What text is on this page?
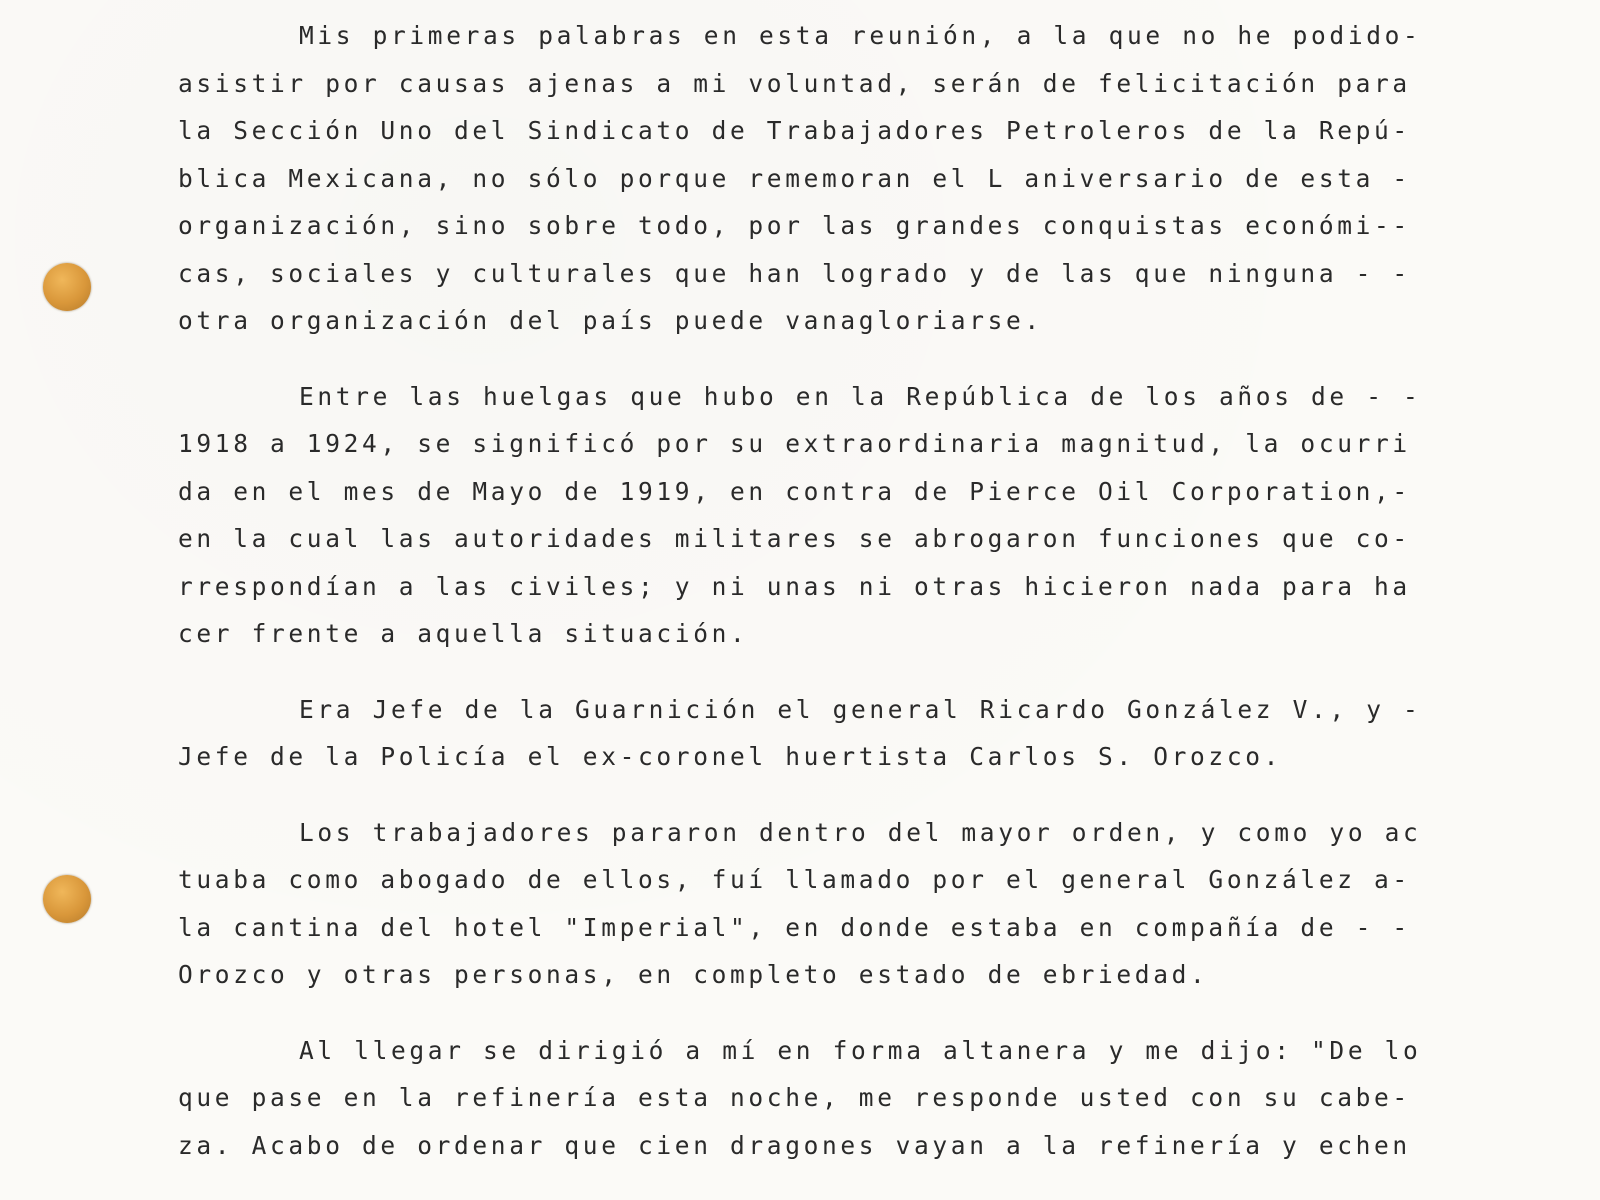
Mis primeras palabras en esta reunión, a la que no he podido-
asistir por causas ajenas a mi voluntad, serán de felicitación para
la Sección Uno del Sindicato de Trabajadores Petroleros de la Repú-
blica Mexicana, no sólo porque rememoran el L aniversario de esta -
organización, sino sobre todo, por las grandes conquistas económi--
cas, sociales y culturales que han logrado y de las que ninguna - -
otra organización del país puede vanagloriarse.
Entre las huelgas que hubo en la República de los años de - -
1918 a 1924, se significó por su extraordinaria magnitud, la ocurri
da en el mes de Mayo de 1919, en contra de Pierce Oil Corporation,-
en la cual las autoridades militares se abrogaron funciones que co-
rrespondían a las civiles; y ni unas ni otras hicieron nada para ha
cer frente a aquella situación.
Era Jefe de la Guarnición el general Ricardo González V., y -
Jefe de la Policía el ex-coronel huertista Carlos S. Orozco.
Los trabajadores pararon dentro del mayor orden, y como yo ac
tuaba como abogado de ellos, fuí llamado por el general González a-
la cantina del hotel "Imperial", en donde estaba en compañía de - -
Orozco y otras personas, en completo estado de ebriedad.
Al llegar se dirigió a mí en forma altanera y me dijo: "De lo
que pase en la refinería esta noche, me responde usted con su cabe-
za. Acabo de ordenar que cien dragones vayan a la refinería y echen
